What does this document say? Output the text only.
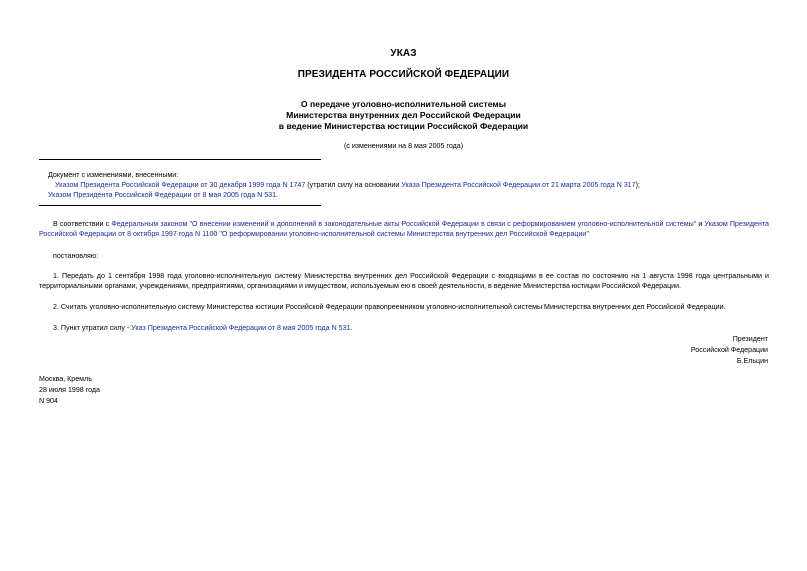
УКАЗ
ПРЕЗИДЕНТА РОССИЙСКОЙ ФЕДЕРАЦИИ
О передаче уголовно-исполнительной системы
Министерства внутренних дел Российской Федерации
в ведение Министерства юстиции Российской Федерации
(с изменениями на 8 мая 2005 года)
Документ с изменениями, внесенными:
Указом Президента Российской Федерации от 30 декабря 1999 года N 1747 (утратил силу на основании Указа Президента Российской Федерации от 21 марта 2005 года N 317);
Указом Президента Российской Федерации от 8 мая 2005 года N 531.
В соответствии с Федеральным законом "О внесении изменений и дополнений в законодательные акты Российской Федерации в связи с реформированием уголовно-исполнительной системы" и Указом Президента Российской Федерации от 8 октября 1997 года N 1100 "О реформировании уголовно-исполнительной системы Министерства внутренних дел Российской Федерации"
постановляю:
1. Передать до 1 сентября 1998 года уголовно-исполнительную систему Министерства внутренних дел Российской Федерации с входящими в ее состав по состоянию на 1 августа 1998 года центральными и территориальными органами, учреждениями, предприятиями, организациями и имуществом, используемым ею в своей деятельности, в ведение Министерства юстиции Российской Федерации.
2. Считать уголовно-исполнительную систему Министерства юстиции Российской Федерации правопреемником уголовно-исполнительной системы Министерства внутренних дел Российской Федерации.
3. Пункт утратил силу - Указ Президента Российской Федерации от 8 мая 2005 года N 531.
Президент
Российской Федерации
Б.Ельцин
Москва, Кремль
28 июля 1998 года
N 904
